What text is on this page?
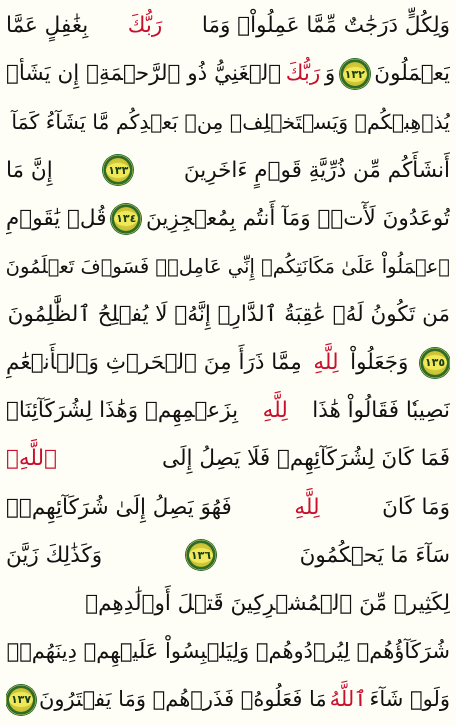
وَلِكُلٍّ دَرَجَٰتٌ مِّمَّا عَمِلُواْۚ وَمَا
رَبُّكَ
بِغَٰفِلٍ عَمَّا
يَعۡمَلُونَ
١٣٢
وَ
رَبُّكَ
ٱلۡغَنِيُّ ذُو ٱلرَّحۡمَةِۚ إِن يَشَأۡ
يُذۡهِبۡكُمۡ وَيَسۡتَخۡلِفۡ مِنۢ بَعۡدِكُم مَّا يَشَآءُ كَمَآ
أَنشَأَكُم مِّن ذُرِّيَّةِ قَوۡمٍ ءَاخَرِينَ
١٣٣
إِنَّ مَا
تُوعَدُونَ لَأٓتٖۖ وَمَآ أَنتُم بِمُعۡجِزِينَ
١٣٤
قُلۡ يَٰقَوۡمِ
ٱعۡمَلُواْ عَلَىٰ مَكَانَتِكُمۡ إِنِّي عَامِلٞۖ فَسَوۡفَ تَعۡلَمُونَ
مَن تَكُونُ لَهُۥ عَٰقِبَةُ ٱلدَّارِۚ إِنَّهُۥ لَا يُفۡلِحُ ٱلظَّٰلِمُونَ
١٣٥
وَجَعَلُواْ
لِلَّهِ
مِمَّا ذَرَأَ مِنَ ٱلۡحَرۡثِ وَٱلۡأَنۡعَٰمِ
نَصِيبٗا فَقَالُواْ هَٰذَا
لِلَّهِ
بِزَعۡمِهِمۡ وَهَٰذَا لِشُرَكَآئِنَاۖ
فَمَا كَانَ لِشُرَكَآئِهِمۡ فَلَا يَصِلُ إِلَى
ٱللَّهِۖ
وَمَا كَانَ
لِلَّهِ
فَهُوَ يَصِلُ إِلَىٰ شُرَكَآئِهِمۡۗ
سَآءَ مَا يَحۡكُمُونَ
١٣٦
وَكَذَٰلِكَ زَيَّنَ
لِكَثِيرٖ مِّنَ ٱلۡمُشۡرِكِينَ قَتۡلَ أَوۡلَٰدِهِمۡ
شُرَكَآؤُهُمۡ لِيُرۡدُوهُمۡ وَلِيَلۡبِسُواْ عَلَيۡهِمۡ دِينَهُمۡۖ
وَلَوۡ شَآءَ
ٱللَّهُ
مَا فَعَلُوهُۖ فَذَرۡهُمۡ وَمَا يَفۡتَرُونَ
١٣٧
